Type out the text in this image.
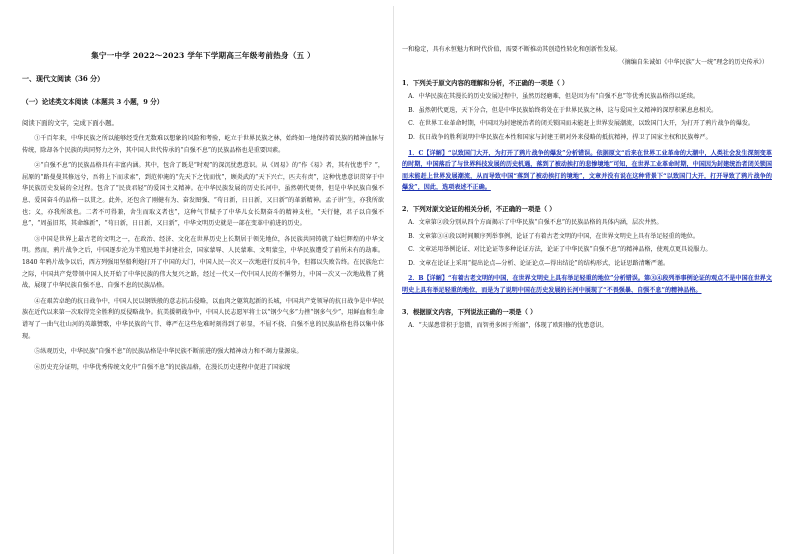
集宁一中学 2022～2023 学年下学期高三年级考前热身（五 ）
一、现代文阅读（36 分）
（一）论述类文本阅读（本题共 3 小题，9 分）
阅读下面的文字，完成下面小题。

①千百年来，中华民族之所以能够经受住无数难以想象的风险和考验，屹立于世界民族之林，始终如一地保持着民族的精神血脉与传统，除却各个民族的共同努力之外，其中国人世代传承的“自强不息”的民族品格也是重要因素。

②“自强不息”的民族品格具有丰富内涵。其中，包含了既是“时观”的深沉忧患意识。从《周易》的“作《易》者，其有忧患乎？”，屈原的“路曼曼其修远兮，吾将上下而求索”，到范仲淹的“先天下之忧而忧”，顾炎武的“天下兴亡，匹夫有责”，这种忧患意识贯穿于中华民族历史发展的全过程。包含了“民贵君轻”的爱国主义精神。在中华民族发展的历史长河中，虽然朝代更替，但是中华民族自强不息、爱国奋斗的品格一以贯之。此外，还包含了刚健有为、奋发图强、“苟日新，日日新，又日新”的革新精神。孟子讲“生，亦我所欲也；义，亦我所欲也。二者不可得兼，舍生而取义者也”，这种气节赋予了中华儿女长期奋斗的精神支柱，“天行健，君子以自强不息”，“周虽旧邦，其命维新”，“苟日新，日日新，又日新”，中华文明历史就是一部在变革中前进的历史。

③中国是世界上最古老的文明之一，在政治、经济、文化在世界历史上长期居于领先地位，各民族共同铸就了灿烂辉煌的中华文明。然而，鸦片战争之后，中国逐步沦为半殖民地半封建社会，国家蒙辱、人民蒙难、文明蒙尘，中华民族遭受了前所未有的劫难。1840 年鸦片战争以后，西方列强用坚船利炮打开了中国的大门，中国人民一次又一次地进行反抗斗争，但都以失败告终。在民族危亡之际，中国共产党带领中国人民开始了中华民族的伟大复兴之路，经过一代又一代中国人民的不懈努力，中国一次又一次地战胜了挑战，展现了中华民族自强不息、自强不息的民族品格。

④在艰苦卓绝的抗日战争中，中国人民以钢铁般的意志抗击侵略，以血肉之躯筑起新的长城，中国共产党领导的抗日战争是中华民族在近代以来第一次取得完全胜利的反侵略战争。抗美援朝战争中，中国人民志愿军将士以“钢少气多”力挫“钢多气少”，用鲜血和生命谱写了一曲气壮山河的英雄赞歌，中华民族的气节、尊严在这些危难时刻得到了彰显，不屈不挠、自强不息的民族品格也得以集中体现。

⑤纵观历史，中华民族“自强不息”的民族品格是中华民族不断前进的强大精神动力和不竭力量源泉。

⑥历史充分证明，中华优秀传统文化中“自强不息”的民族品格，在漫长历史进程中促进了国家统

一和稳定，具有永恒魅力和时代价值，需要不断推动其创造性转化和创新性发展。

（摘编自朱诚如《中华民族“大一统”理念的历史传承》）

1．下列关于原文内容的理解和分析，不正确的一项是（ ）

A．中华民族在其漫长的历史发展过程中，虽然历经磨难，但是因为有“自强不息”等优秀民族品格得以延续。

B．虽然朝代更迭，天下分合，但是中华民族始终将处在于世界民族之林，这与爱国主义精神的深厚积累息息相关。

C．在世界工业革命时期，中国因为封建统治者的闭关锁国而未能赶上世界发展潮流，以致国门大开，为打开了鸦片战争的爆发。

D．抗日战争的胜利说明中华民族在本性和国家与封建王朝对外来侵略的抵抗精神，捍卫了国家主权和民族尊严。

1．C【详解】“以致国门大开，为打开了鸦片战争的爆发”分析错误。依据原文“后来在世界工业革命的大潮中，人类社会发生深刻变革的时期，中国落后了与世界科技发展的历史机遇，落到了被动挨打的悲惨境地”可知，在世界工业革命时期，中国因为封建统治者闭关锁国而未能赶上世界发展潮流，从而导致中国“落到了被动挨打的境地”，文章并没有说在这种背景下“以致国门大开，打开导致了鸦片战争的爆发”，因此，选项表述不正确。

2．下列对原文论证的相关分析，不正确的一项是（ ）

A．文章第②段分别从四个方面揭示了中华民族“自强不息”的民族品格的具体内涵，层次井然。

B．文章第③④段以时间顺序列举事例，论证了有着古老文明的中国，在世界文明史上具有举足轻重的地位。

C．文章运用举例论证、对比论证等多种论证方法，论证了中华民族“自强不息”的精神品格，使观点更具说服力。

D．文章在论证上采用“提出论点—分析、论证论点—得出结论”的结构形式，论证思路清晰严谨。

2．B【详解】“有着古老文明的中国，在世界文明史上具有举足轻重的地位”分析错误。第③④段列举事例论证的观点不是中国在世界文明史上具有举足轻重的地位，而是为了说明中国在历史发展的长河中展现了“不畏强暴、自强不息”的精神品格。

3．根据原文内容，下列说法正确的一项是（ ）

A．“夫谋患常积于忽微，而智勇多困于所溺”，体现了欧阳修的忧患意识。
